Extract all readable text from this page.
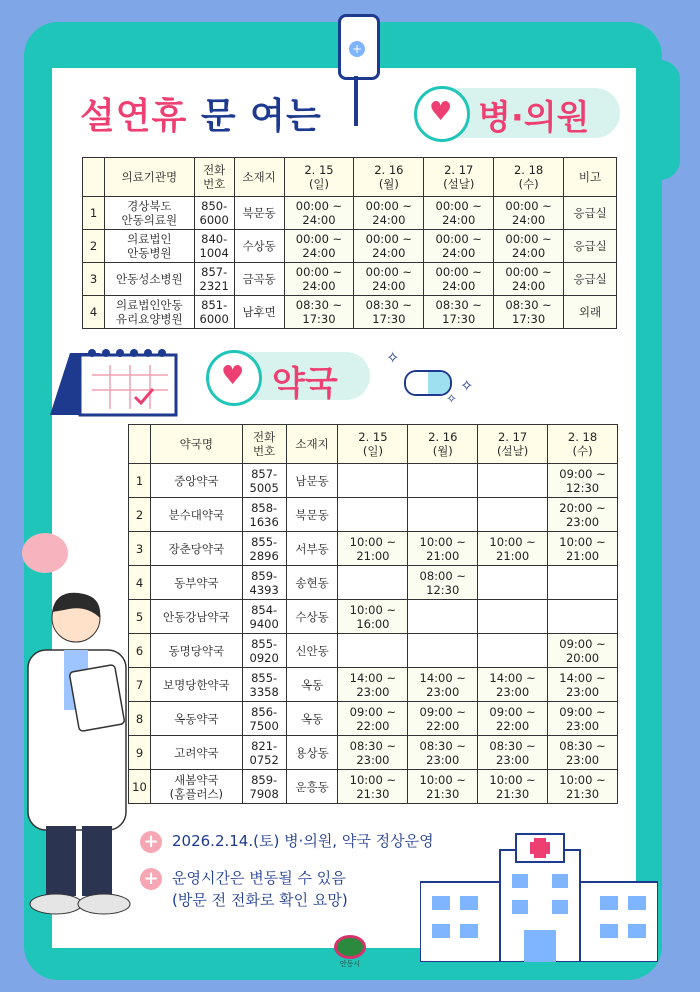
+
설연휴 문 여는	♥ 병·의원
	의료기관명	전화
번호	소재지	2. 15
(일)	2. 16
(월)	2. 17
(설날)	2. 18
(수)	비고
1	경상북도
안동의료원	850-
6000	북문동	00:00 ~
24:00	00:00 ~
24:00	00:00 ~
24:00	00:00 ~
24:00	응급실
2	의료법인
안동병원	840-
1004	수상동	00:00 ~
24:00	00:00 ~
24:00	00:00 ~
24:00	00:00 ~
24:00	응급실
3	안동성소병원	857-
2321	금곡동	00:00 ~
24:00	00:00 ~
24:00	00:00 ~
24:00	00:00 ~
24:00	응급실
4	의료법인안동
유리요양병원	851-
6000	남후면	08:30 ~
17:30	08:30 ~
17:30	08:30 ~
17:30	08:30 ~
17:30	외래
♥ 약국
✧
✧
✧
	약국명	전화
번호	소재지	2. 15
(일)	2. 16
(월)	2. 17
(설날)	2. 18
(수)
1	중앙약국	857-
5005	남문동				09:00 ~
12:30
2	분수대약국	858-
1636	북문동				20:00 ~
23:00
3	장춘당약국	855-
2896	서부동	10:00 ~
21:00	10:00 ~
21:00	10:00 ~
21:00	10:00 ~
21:00
4	동부약국	859-
4393	송현동		08:00 ~
12:30		
5	안동강남약국	854-
9400	수상동	10:00 ~
16:00			
6	동명당약국	855-
0920	신안동				09:00 ~
20:00
7	보명당한약국	855-
3358	옥동	14:00 ~
23:00	14:00 ~
23:00	14:00 ~
23:00	14:00 ~
23:00
8	옥동약국	856-
7500	옥동	09:00 ~
22:00	09:00 ~
22:00	09:00 ~
22:00	09:00 ~
23:00
9	고려약국	821-
0752	용상동	08:30 ~
23:00	08:30 ~
23:00	08:30 ~
23:00	08:30 ~
23:00
10	새봄약국
(홈플러스)	859-
7908	운흥동	10:00 ~
21:30	10:00 ~
21:30	10:00 ~
21:30	10:00 ~
21:30
+ 2026.2.14.(토) 병·의원, 약국 정상운영
+ 운영시간은 변동될 수 있음
(방문 전 전화로 확인 요망)
안동시
